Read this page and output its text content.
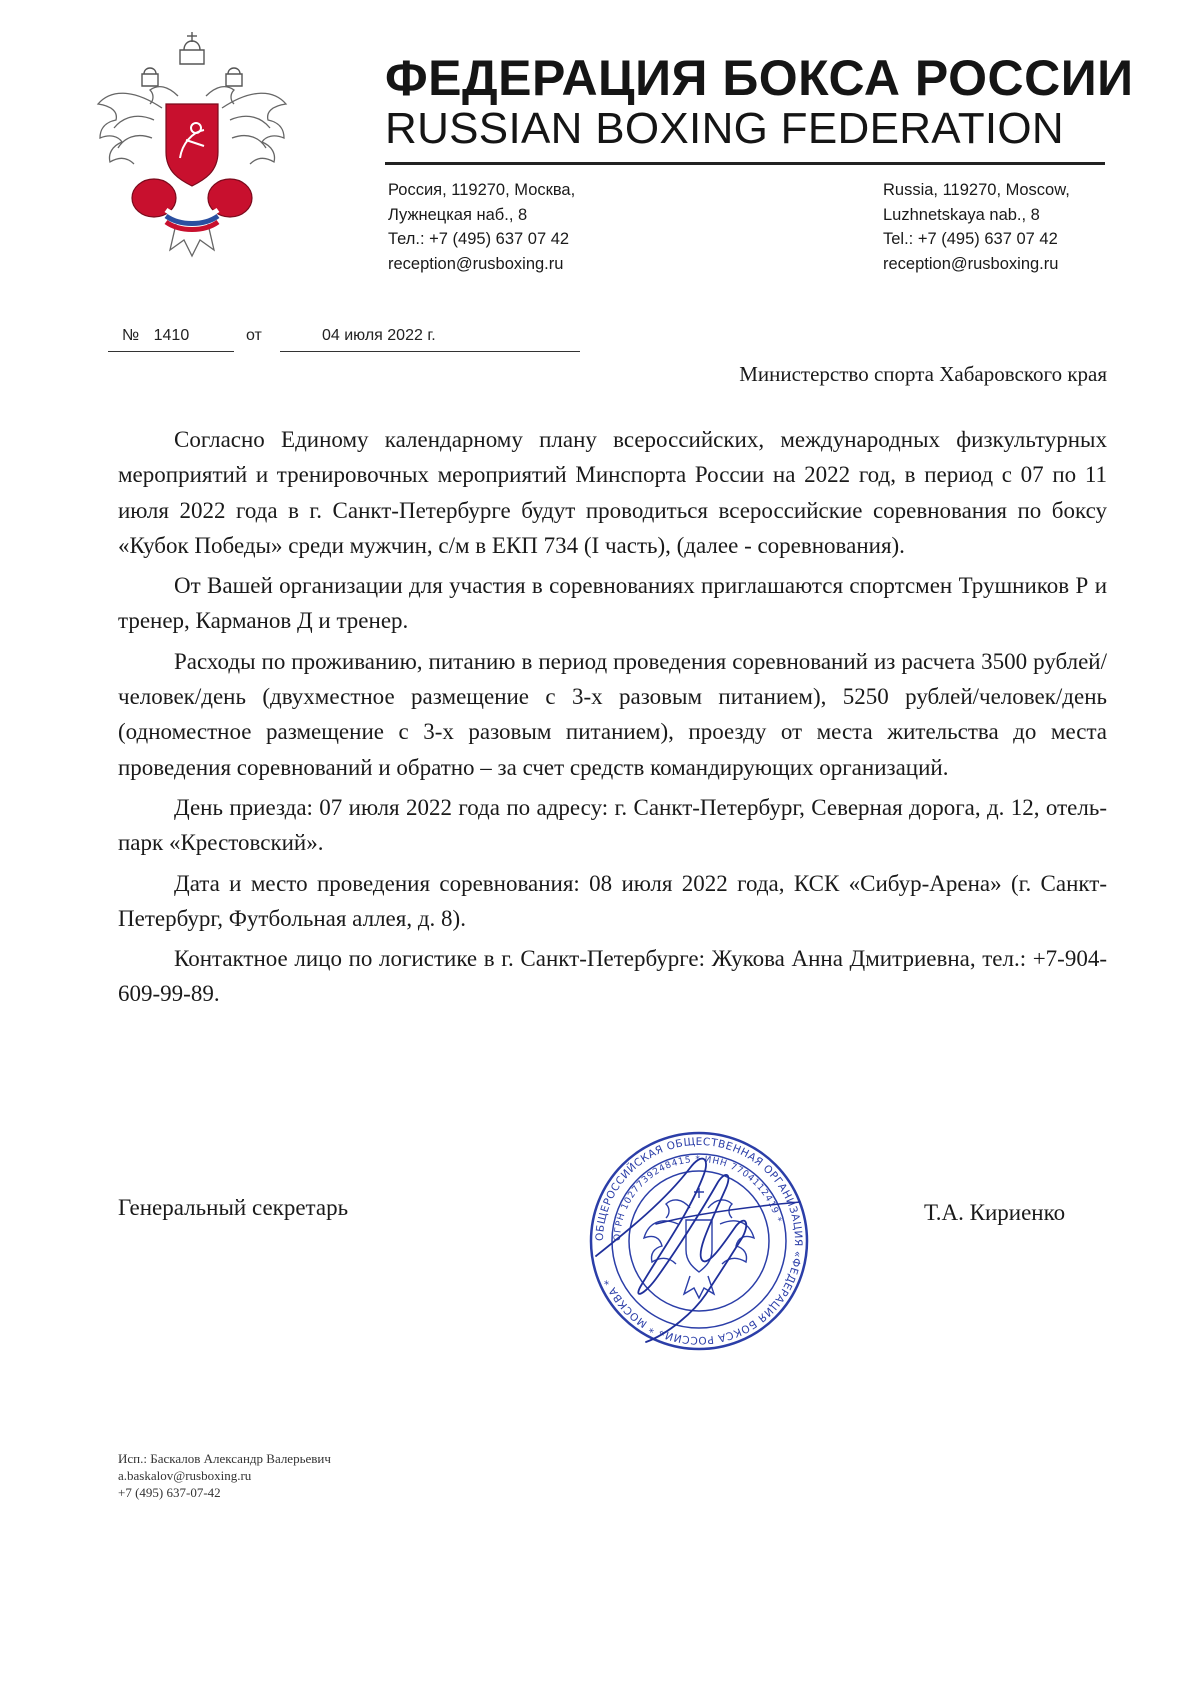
ФЕДЕРАЦИЯ БОКСА РОССИИ
RUSSIAN BOXING FEDERATION
Россия, 119270, Москва,
Лужнецкая наб., 8
Тел.: +7 (495) 637 07 42
reception@rusboxing.ru
Russia, 119270, Moscow,
Luzhnetskaya nab., 8
Tel.: +7 (495) 637 07 42
reception@rusboxing.ru
№ 1410	от	04 июля 2022 г.
Министерство спорта Хабаровского края

Согласно Единому календарному плану всероссийских, международных физкультурных мероприятий и тренировочных мероприятий Минспорта России на 2022 год, в период с 07 по 11 июля 2022 года в г. Санкт-Петербурге будут проводиться всероссийские соревнования по боксу «Кубок Победы» среди мужчин, с/м в ЕКП 734 (I часть), (далее - соревнования).

От Вашей организации для участия в соревнованиях приглашаются спортсмен Трушников Р и тренер, Карманов Д и тренер.

Расходы по проживанию, питанию в период проведения соревнований из расчета 3500 рублей/человек/день (двухместное размещение с 3-х разовым питанием), 5250 рублей/человек/день (одноместное размещение с 3-х разовым питанием), проезду от места жительства до места проведения соревнований и обратно – за счет средств командирующих организаций.

День приезда: 07 июля 2022 года по адресу: г. Санкт-Петербург, Северная дорога, д. 12, отель-парк «Крестовский».

Дата и место проведения соревнования: 08 июля 2022 года, КСК «Сибур-Арена» (г. Санкт-Петербург, Футбольная аллея, д. 8).

Контактное лицо по логистике в г. Санкт-Петербурге: Жукова Анна Дмитриевна, тел.: +7-904-609-99-89.

Генеральный секретарь
ОБЩЕРОССИЙСКАЯ ОБЩЕСТВЕННАЯ ОРГАНИЗАЦИЯ «ФЕДЕРАЦИЯ БОКСА РОССИИ» * МОСКВА *
ОГРН 1027739248415 * ИНН 7704112419 *	Т.А. Кириенко
Исп.: Баскалов Александр Валерьевич
a.baskalov@rusboxing.ru
+7 (495) 637-07-42
